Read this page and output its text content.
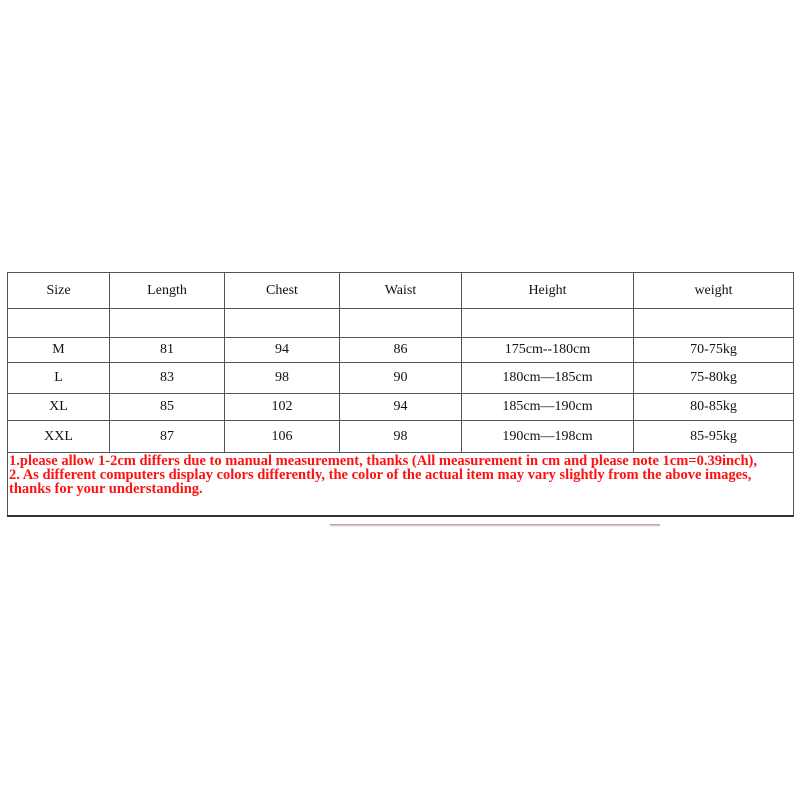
Size	Length	Chest	Waist	Height	weight

M	81	94	86	175cm--180cm	70-75kg
L	83	98	90	180cm—185cm	75-80kg
XL	85	102	94	185cm—190cm	80-85kg
XXL	87	106	98	190cm—198cm	85-95kg

1.please allow 1-2cm differs due to manual measurement, thanks (All measurement in cm and please note 1cm=0.39inch),
2. As different computers display colors differently, the color of the actual item may vary slightly from the above images, thanks for your understanding.					
